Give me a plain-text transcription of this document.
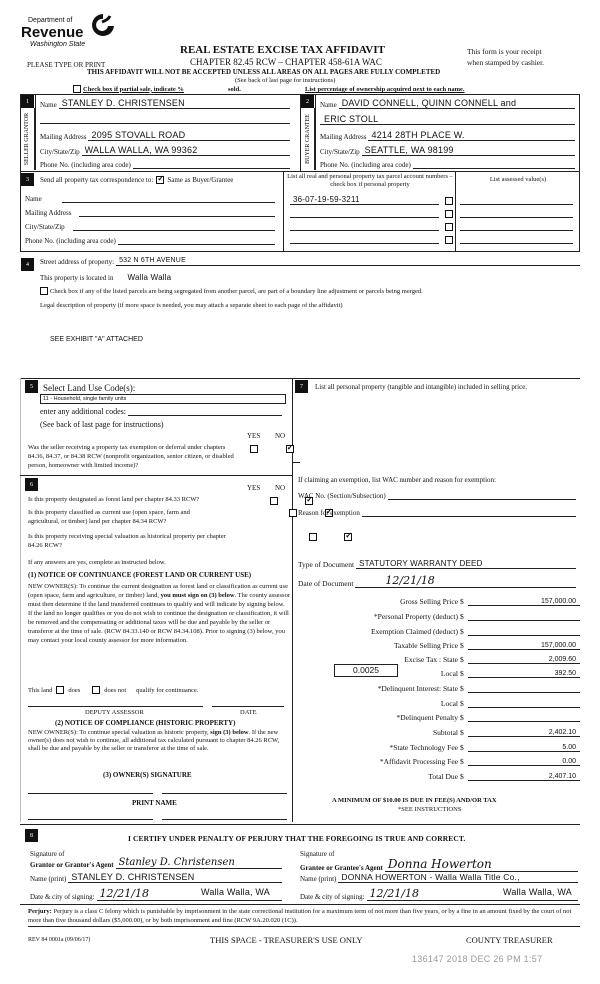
Department of
Revenue
Washington State
PLEASE TYPE OR PRINT
REAL ESTATE EXCISE TAX AFFIDAVIT
CHAPTER 82.45 RCW – CHAPTER 458-61A WAC
This form is your receipt
when stamped by cashier.
THIS AFFIDAVIT WILL NOT BE ACCEPTED UNLESS ALL AREAS ON ALL PAGES ARE FULLY COMPLETED
(See back of last page for instructions)
Check box if partial sale, indicate %	sold.	List percentage of ownership acquired next to each name.
1
SELLER GRANTOR
Name STANLEY D. CHRISTENSEN
Mailing Address 2095 STOVALL ROAD
City/State/Zip WALLA WALLA, WA 99362
Phone No. (including area code)
2
BUYER GRANTEE
Name DAVID CONNELL, QUINN CONNELL and
ERIC STOLL
Mailing Address 4214 28TH PLACE W.
City/State/Zip SEATTLE, WA 98199
Phone No. (including area code)
3	Send all property tax correspondence to: ✓ Same as Buyer/Grantee
Name
Mailing Address
City/State/Zip
Phone No. (including area code)
List all real and personal property tax parcel account numbers – check box if personal property
List assessed value(s)
36-07-19-59-3211
4	Street address of property: 532 N 6TH AVENUE
This property is located in Walla Walla
Check box if any of the listed parcels are being segregated from another parcel, are part of a boundary line adjustment or parcels being merged.
Legal description of property (if more space is needed, you may attach a separate sheet to each page of the affidavit)
SEE EXHIBIT "A" ATTACHED
5	Select Land Use Code(s):
11 - Household, single family units
enter any additional codes:
(See back of last page for instructions)
YES NO
Was the seller receiving a property tax exemption or deferral under chapters 84.36, 84.37, or 84.38 RCW (nonprofit organization, senior citizen, or disabled person, homeowner with limited income)?
✓
6	YES NO
Is this property designated as forest land per chapter 84.33 RCW?
✓
Is this property classified as current use (open space, farm and agricultural, or timber) land per chapter 84.34 RCW?
✓
Is this property receiving special valuation as historical property per chapter 84.26 RCW?
✓
If any answers are yes, complete as instructed below.
(1) NOTICE OF CONTINUANCE (FOREST LAND OR CURRENT USE)
NEW OWNER(S): To continue the current designation as forest land or classification as current use (open space, farm and agriculture, or timber) land, you must sign on (3) below. The county assessor must then determine if the land transferred continues to qualify and will indicate by signing below. If the land no longer qualifies or you do not wish to continue the designation or classification, it will be removed and the compensating or additional taxes will be due and payable by the seller or transferor at the time of sale. (RCW 84.33.140 or RCW 84.34.108). Prior to signing (3) below, you may contact your local county assessor for more information.
This land does	does not qualify for continuance.
DEPUTY ASSESSOR	DATE
(2) NOTICE OF COMPLIANCE (HISTORIC PROPERTY)
NEW OWNER(S): To continue special valuation as historic property, sign (3) below. If the new owner(s) does not wish to continue, all additional tax calculated pursuant to chapter 84.26 RCW, shall be due and payable by the seller or transferor at the time of sale.
(3) OWNER(S) SIGNATURE
PRINT NAME
7	List all personal property (tangible and intangible) included in selling price.
If claiming an exemption, list WAC number and reason for exemption:
WAC No. (Section/Subsection)
Reason for exemption
Type of Document STATUTORY WARRANTY DEED
Date of Document	12/21/18
Gross Selling Price $	157,000.00
*Personal Property (deduct) $
Exemption Claimed (deduct) $
Taxable Selling Price $	157,000.00
Excise Tax : State $	2,009.60
Local $	392.50
0.0025
*Delinquent Interest: State $
Local $
*Delinquent Penalty $
Subtotal $	2,402.10
*State Technology Fee $	5.00
*Affidavit Processing Fee $	0.00
Total Due $	2,407.10
A MINIMUM OF $10.00 IS DUE IN FEE(S) AND/OR TAX
*SEE INSTRUCTIONS
8	I CERTIFY UNDER PENALTY OF PERJURY THAT THE FOREGOING IS TRUE AND CORRECT.
Signature of
Grantor or Grantor's Agent Stanley D. Christensen
Name (print) STANLEY D. CHRISTENSEN
Date & city of signing: 12/21/18	Walla Walla, WA
Signature of
Grantee or Grantee's Agent Donna Howerton
Name (print) DONNA HOWERTON - Walla Walla Title Co.,
Date & city of signing: 12/21/18	Walla Walla, WA
Perjury: Perjury is a class C felony which is punishable by imprisonment in the state correctional institution for a maximum term of not more than five years, or by a fine in an amount fixed by the court of not more than five thousand dollars ($5,000.00), or by both imprisonment and fine (RCW 9A.20.020 (1C)).
REV 84 0001a (09/06/17)	THIS SPACE - TREASURER'S USE ONLY	COUNTY TREASURER
136147 2018 DEC 26 PM 1:57
